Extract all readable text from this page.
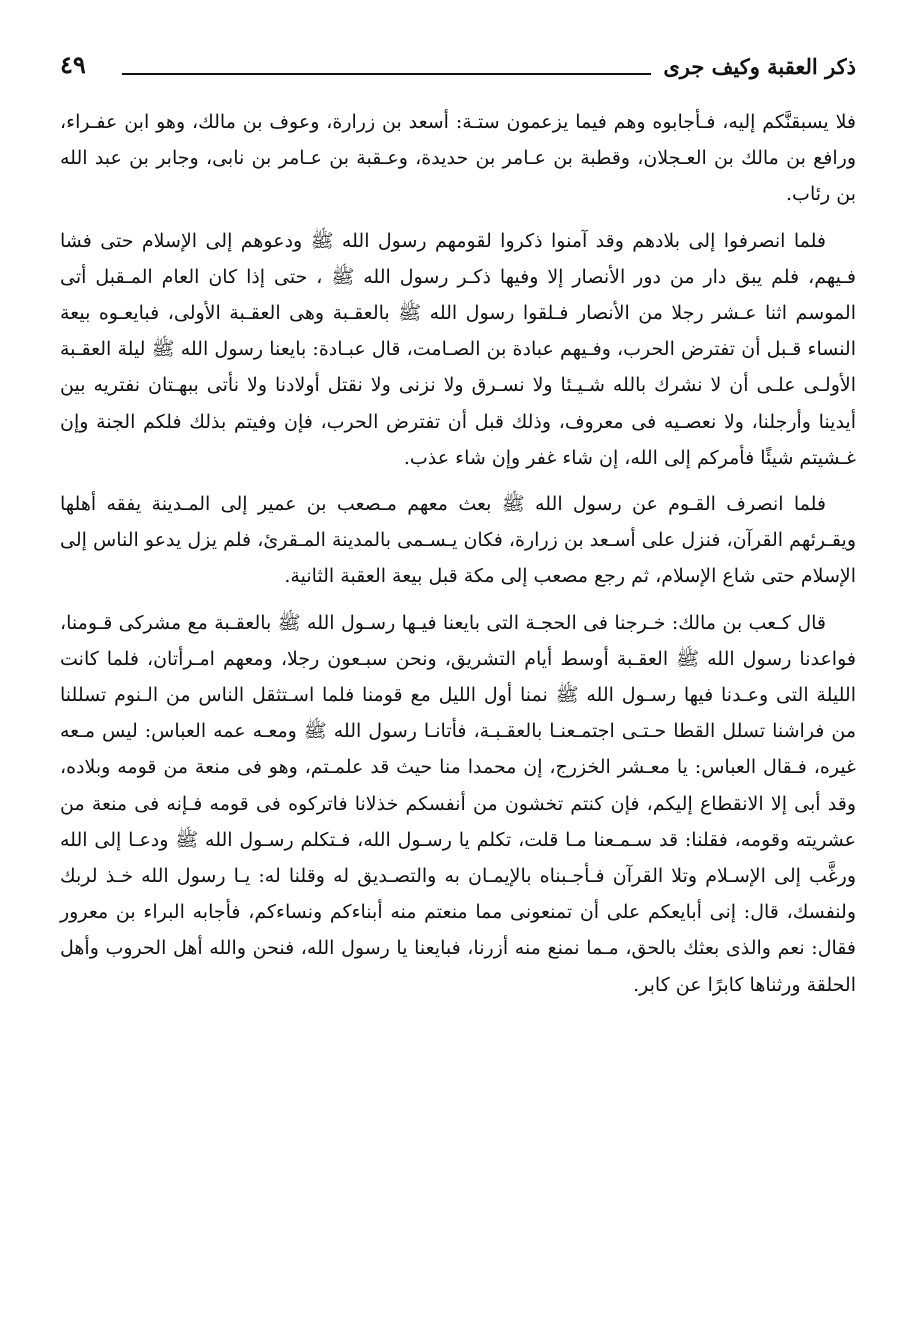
ذكر العقبة وكيف جرى
٤٩

فلا يسبقنَّكم إليه، فـأجابوه وهم فيما يزعمون ستـة: أسعد بن زرارة، وعوف بن مالك، وهو ابن عفـراء، ورافع بن مالك بن العـجلان، وقطبة بن عـامر بن حديدة، وعـقبة بن عـامر بن نابى، وجابر بن عبد الله بن رئاب.

فلما انصرفوا إلى بلادهم وقد آمنوا ذكروا لقومهم رسول الله ﷺ ودعوهم إلى الإسلام حتى فشا فـيهم، فلم يبق دار من دور الأنصار إلا وفيها ذكـر رسول الله ﷺ ، حتى إذا كان العام المـقبل أتى الموسم اثنا عـشر رجلا من الأنصار فـلقوا رسول الله ﷺ بالعقـبة وهى العقـبة الأولى، فبايعـوه بيعة النساء قـبل أن تفترض الحرب، وفـيهم عبادة بن الصـامت، قال عبـادة: بايعنا رسول الله ﷺ ليلة العقـبة الأولـى علـى أن لا نشرك بالله شـيـئا ولا نسـرق ولا نزنى ولا نقتل أولادنا ولا نأتى ببهـتان نفتريه بين أيدينا وأرجلنا، ولا نعصـيه فى معروف، وذلك قبل أن تفترض الحرب، فإن وفيتم بذلك فلكم الجنة وإن غـشيتم شيئًا فأمركم إلى الله، إن شاء غفر وإن شاء عذب.

فلما انصرف القـوم عن رسول الله ﷺ بعث معهم مـصعب بن عمير إلى المـدينة يفقه أهلها ويقـرئهم القرآن، فنزل على أسـعد بن زرارة، فكان يـسـمى بالمدينة المـقرئ، فلم يزل يدعو الناس إلى الإسلام حتى شاع الإسلام، ثم رجع مصعب إلى مكة قبل بيعة العقبة الثانية.

قال كـعب بن مالك: خـرجنا فى الحجـة التى بايعنا فيـها رسـول الله ﷺ بالعقـبة مع مشركى قـومنا، فواعدنا رسول الله ﷺ العقـبة أوسط أيام التشريق، ونحن سبـعون رجلا، ومعهم امـرأتان، فلما كانت الليلة التى وعـدنا فيها رسـول الله ﷺ نمنا أول الليل مع قومنا فلما اسـتثقل الناس من الـنوم تسللنا من فراشنا تسلل القطا حـتـى اجتمـعنـا بالعقـبـة، فأتانـا رسول الله ﷺ ومعـه عمه العباس: ليس مـعه غيره، فـقال العباس: يا معـشر الخزرج، إن محمدا منا حيث قد علمـتم، وهو فى منعة من قومه وبلاده، وقد أبى إلا الانقطاع إليكم، فإن كنتم تخشون من أنفسكم خذلانا فاتركوه فى قومه فـإنه فى منعة من عشريته وقومه، فقلنا: قد سـمـعنا مـا قلت، تكلم يا رسـول الله، فـتكلم رسـول الله ﷺ ودعـا إلى الله ورغَّب إلى الإسـلام وتلا القرآن فـأجـبناه بالإيمـان به والتصـديق له وقلنا له: يـا رسول الله خـذ لربك ولنفسك، قال: إنى أبايعكم على أن تمنعونى مما منعتم منه أبناءكم ونساءكم، فأجابه البراء بن معرور فقال: نعم والذى بعثك بالحق، مـما نمنع منه أزرنا، فبايعنا يا رسول الله، فنحن والله أهل الحروب وأهل الحلقة ورثناها كابرًا عن كابر.
